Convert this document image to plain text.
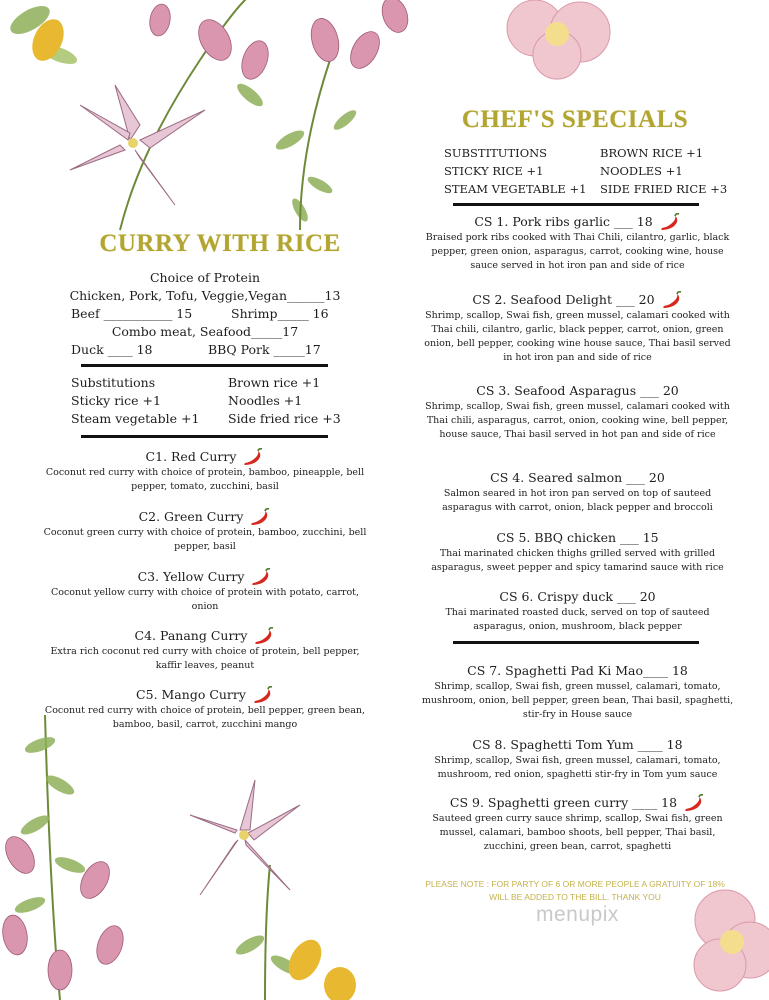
CURRY WITH RICE
Choice of Protein
Chicken, Pork, Tofu, Veggie,Vegan______13
Beef ___________ 15	Shrimp_____ 16
Combo meat, Seafood_____17
Duck ____ 18	BBQ Pork _____17
Substitutions	Brown rice +1
Sticky rice +1	Noodles +1
Steam vegetable +1	Side fried rice +3
C1. Red Curry
Coconut red curry with choice of protein, bamboo, pineapple, bell pepper, tomato, zucchini, basil
C2. Green Curry
Coconut green curry with choice of protein, bamboo, zucchini, bell pepper, basil
C3. Yellow Curry
Coconut yellow curry with choice of protein with potato, carrot, onion
C4. Panang Curry
Extra rich coconut red curry with choice of protein, bell pepper, kaffir leaves, peanut
C5. Mango Curry
Coconut red curry with choice of protein, bell pepper, green bean, bamboo, basil, carrot, zucchini mango
CHEF'S SPECIALS
SUBSTITUTIONS	BROWN RICE +1
STICKY RICE +1	NOODLES +1
STEAM VEGETABLE +1	SIDE FRIED RICE +3
CS 1. Pork ribs garlic ___ 18
Braised pork ribs cooked with Thai Chili, cilantro, garlic, black pepper, green onion, asparagus, carrot, cooking wine, house sauce served in hot iron pan and side of rice
CS 2. Seafood Delight ___ 20
Shrimp, scallop, Swai fish, green mussel, calamari cooked with Thai chili, cilantro, garlic, black pepper, carrot, onion, green onion, bell pepper, cooking wine house sauce, Thai basil served in hot iron pan and side of rice
CS 3. Seafood Asparagus ___ 20
Shrimp, scallop, Swai fish, green mussel, calamari cooked with Thai chili, asparagus, carrot, onion, cooking wine, bell pepper, house sauce, Thai basil served in hot pan and side of rice
CS 4. Seared salmon ___ 20
Salmon seared in hot iron pan served on top of sauteed asparagus with carrot, onion, black pepper and broccoli
CS 5. BBQ chicken ___ 15
Thai marinated chicken thighs grilled served with grilled asparagus, sweet pepper and spicy tamarind sauce with rice
CS 6. Crispy duck ___ 20
Thai marinated roasted duck, served on top of sauteed asparagus, onion, mushroom, black pepper
CS 7. Spaghetti Pad Ki Mao____ 18
Shrimp, scallop, Swai fish, green mussel, calamari, tomato, mushroom, onion, bell pepper, green bean, Thai basil, spaghetti, stir-fry in House sauce
CS 8. Spaghetti Tom Yum ____ 18
Shrimp, scallop, Swai fish, green mussel, calamari, tomato, mushroom, red onion, spaghetti stir-fry in Tom yum sauce
CS 9. Spaghetti green curry ____ 18
Sauteed green curry sauce shrimp, scallop, Swai fish, green mussel, calamari, bamboo shoots, bell pepper, Thai basil, zucchini, green bean, carrot, spaghetti
PLEASE NOTE : FOR PARTY OF 6 OR MORE PEOPLE A GRATUITY OF 18% WILL BE ADDED TO THE BILL. THANK YOU
menupix
